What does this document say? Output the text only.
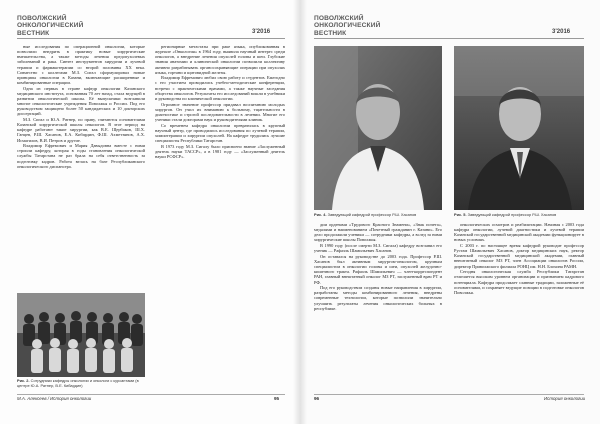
ПОВОЛЖСКИЙ
ОНКОЛОГИЧЕСКИЙ
ВЕСТНИК	3'2016

ные исследования по операционной онкологии, которые позволили внедрить в практику новые хирургические вмешательства, а также методы лечения предопухолевых заболеваний и рака. Синтез инструментов хирургии и лучевой терапии и фармакотерапии со второй половины ХХ века. Совместно с коллегами М.З. Сигал сформулировал новые принципы онкологии в Казани, включающие расширенные и комбинированные операции.

Одна из первых в стране кафедр онкологии Казанского медицинского института, основанная 70 лет назад, стала ведущей в развитии онкологической школы. Её выпускники возглавили многие онкологические учреждения Поволжья и России. Под его руководством защищено более 50 кандидатских и 10 докторских диссертаций.

М.З. Сигал и Ю.А. Ратнер, по праву, считаются основателями Казанской хирургической школы онкологов. В этот период на кафедре работают такие хирургии, как В.Е. Щербаков, Ш.Х. Ганцев, Р.Ш. Хасанов, Е.А. Кибардин, Ф.Ш. Ахметзянов, А.Х. Исмагилов, В.И. Петров и другие.

Владимир Ефремович и Мария Давыдовна вместе с ними строили кафедру, которая в годы становления онкологической службы Татарстана не раз брала на себя ответственность за подготовку кадров. Работа велась на базе Республиканского онкологического диспансера.

Рис. 2. Сотрудники кафедры онкологии и онкологи с курсантами (в центре Ю.А. Ратнер, В.Е. Кибардин)

регионарные метастазы при раке языка, опубликованная в журнале «Онкология» в 1964 году, выявила научный интерес среди онкологов, а внедрение лечения опухолей головы и шеи. Глубокие знания анатомии и клинической онкологии позволили коллективу активно разрабатывать органосохраняющие операции при опухолях языка, гортани и щитовидной железы.

Владимир Ефремович любил свою работу и студентов. Ежегодно с его участием проводились учебно-методические конференции, встречи с практическими врачами, а также научные заседания общества онкологов. Результаты его исследований вошли в учебники и руководства по клинической онкологии.

Огромное значение профессор придавал воспитанию молодых хирургов. Он учил их вниманию к больному, тщательности в диагностике и строгой последовательности в лечении. Многие его ученики стали докторами наук и руководителями клиник.

Со временем кафедра онкологии превратилась в крупный научный центр, где проводились исследования по лучевой терапии, химиотерапии и хирургии опухолей. На кафедре трудились лучшие специалисты Республики Татарстан.

В 1973 году М.З. Сигалу было присвоено звание «Заслуженный деятель науки ТАССР», а в 1981 году — «Заслуженный деятель науки РСФСР».

М.А. Алексеев / История онкологии	95
ПОВОЛЖСКИЙ
ОНКОЛОГИЧЕСКИЙ
ВЕСТНИК	3'2016
Рис. 4. Заведующий кафедрой профессор Р.Ш. Хасанов	Рис. 5. Заведующий кафедрой профессор Р.Ш. Хасанов

дии орденами «Трудового Красного Знамени», «Знак почета», медалями и наименованием «Почетный гражданин г. Казани». Его дело продолжили ученики — сотрудники кафедры, а вслед за ними хирургические школы Поволжья.

В 1990 году (после смерти М.З. Сигала) кафедру возглавил его ученик — Рафаэль Шамильевич Хасанов.

Он оставался на руководстве до 2003 года. Профессор Р.Ш. Хасанов был активным хирургом-онкологом, крупным специалистом в онкологии головы и шеи, опухолей желудочно-кишечного тракта. Рафаэль Шамильевич — член-корреспондент РАН, главный внештатный онколог МЗ РТ, заслуженный врач РТ и РФ.

Под его руководством созданы новые направления в хирургии, разработаны методы комбинированного лечения, внедрены современные технологии, которые позволили значительно улучшить результаты лечения онкологических больных в республике.

онкологических осмотров и реабилитации. Начиная с 2003 года кафедра онкологии, лучевой диагностики и лучевой терапии Казанской государственной медицинской академии функционирует в новых условиях.

С 2003 г. по настоящее время кафедрой руководит профессор Рустам Шамильевич Хасанов, доктор медицинских наук, ректор Казанской государственной медицинской академии, главный внештатный онколог МЗ РТ, член Ассоциации онкологов России, директор Приволжского филиала РОНЦ им. Н.Н. Блохина РАМН.

Сегодня онкологическая служба Республики Татарстан отличается высоким уровнем организации и признанием кадрового потенциала. Кафедра продолжает славные традиции, заложенные её основателями, и сохраняет ведущие позиции в подготовке онкологов Поволжья.

96	История онкологии
